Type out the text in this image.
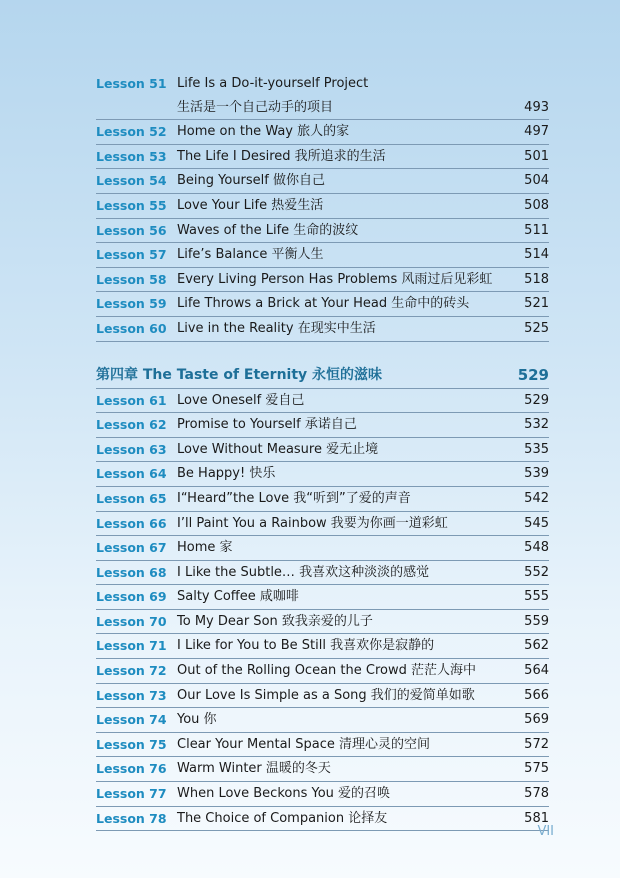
Lesson 51 Life Is a Do-it-yourself Project
生活是一个自己动手的项目	493
Lesson 52 Home on the Way 旅人的家	497
Lesson 53 The Life I Desired 我所追求的生活	501
Lesson 54 Being Yourself 做你自己	504
Lesson 55 Love Your Life 热爱生活	508
Lesson 56 Waves of the Life 生命的波纹	511
Lesson 57 Life’s Balance 平衡人生	514
Lesson 58 Every Living Person Has Problems 风雨过后见彩虹 518
Lesson 59 Life Throws a Brick at Your Head 生命中的砖头	521
Lesson 60 Live in the Reality 在现实中生活	525
第四章 The Taste of Eternity 永恒的滋味	529
Lesson 61 Love Oneself 爱自己	529
Lesson 62 Promise to Yourself 承诺自己	532
Lesson 63 Love Without Measure 爱无止境	535
Lesson 64 Be Happy! 快乐	539
Lesson 65 I“Heard”the Love 我“听到”了爱的声音	542
Lesson 66 I’ll Paint You a Rainbow 我要为你画一道彩虹	545
Lesson 67 Home 家	548
Lesson 68 I Like the Subtle… 我喜欢这种淡淡的感觉	552
Lesson 69 Salty Coffee 咸咖啡	555
Lesson 70 To My Dear Son 致我亲爱的儿子	559
Lesson 71 I Like for You to Be Still 我喜欢你是寂静的	562
Lesson 72 Out of the Rolling Ocean the Crowd 茫茫人海中	564
Lesson 73 Our Love Is Simple as a Song 我们的爱简单如歌	566
Lesson 74 You 你	569
Lesson 75 Clear Your Mental Space 清理心灵的空间	572
Lesson 76 Warm Winter 温暖的冬天	575
Lesson 77 When Love Beckons You 爱的召唤	578
Lesson 78 The Choice of Companion 论择友	581
VII
